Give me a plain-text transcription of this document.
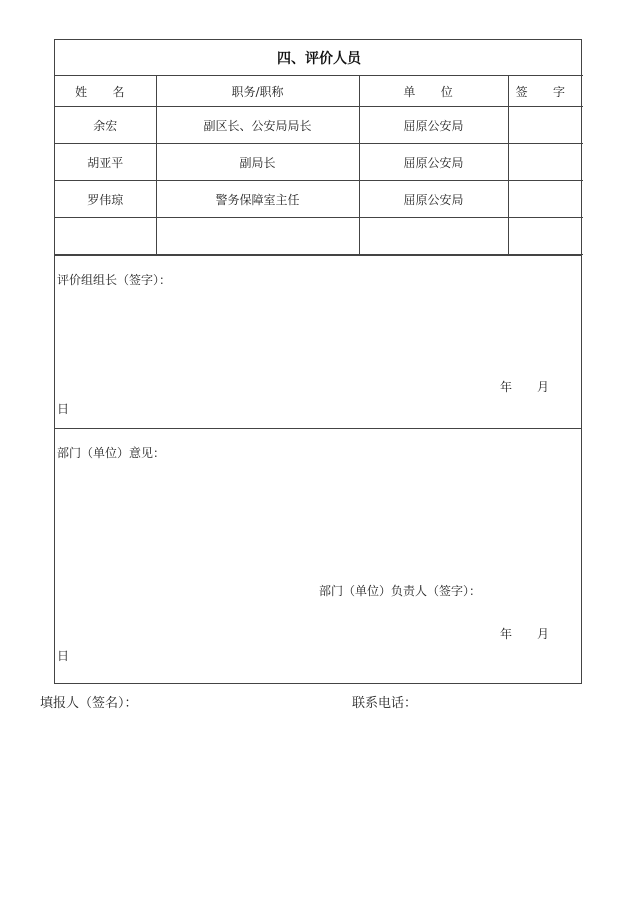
四、评价人员			
姓 名	职务/职称	单 位	签 字
余宏	副区长、公安局局长	屈原公安局	
胡亚平	副局长	屈原公安局	
罗伟琼	警务保障室主任	屈原公安局	

评价组组长（签字）：
年 月
日
部门（单位）意见：
部门（单位）负责人（签字）：
年 月
日
填报人（签名）：	联系电话：
